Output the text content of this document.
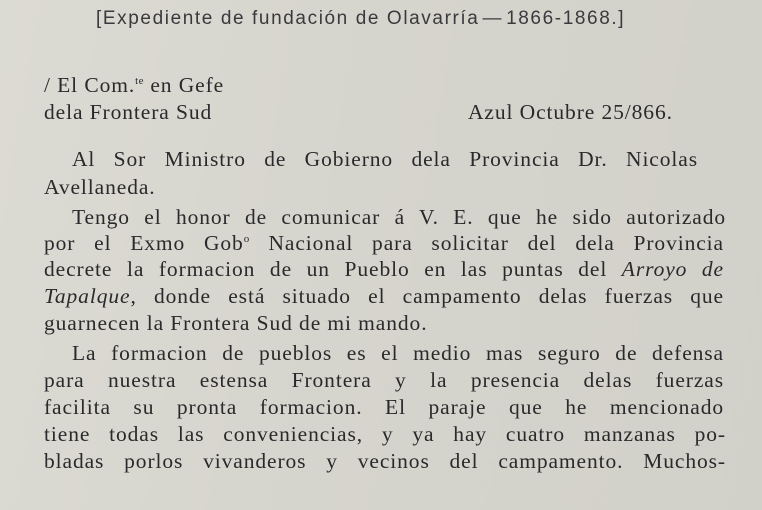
[Expediente de fundación de Olavarría — 1866-1868.]
/ El Com.$^{te}$ en Gefe
dela Frontera Sud	Azul Octubre 25/866.
Al Sor Ministro de Gobierno dela Provincia Dr. Nicolas
Avellaneda.
Tengo el honor de comunicar á V. E. que he sido autorizado
por el Exmo Gob$^o$ Nacional para solicitar del dela Provincia
decrete la formacion de un Pueblo en las puntas del Arroyo de
Tapalque, donde está situado el campamento delas fuerzas que
guarnecen la Frontera Sud de mi mando.
La formacion de pueblos es el medio mas seguro de defensa
para nuestra estensa Frontera y la presencia delas fuerzas
facilita su pronta formacion. El paraje que he mencionado
tiene todas las conveniencias, y ya hay cuatro manzanas po-
bladas porlos vivanderos y vecinos del campamento. Muchos-
